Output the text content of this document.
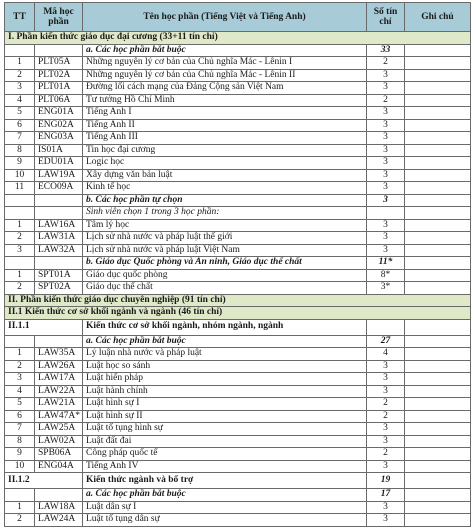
TT	Mã học phần	Tên học phần (Tiếng Việt và Tiếng Anh)	Số tín chỉ	Ghi chú
I. Phần kiến thức giáo dục đại cương (33+11 tín chỉ)				
		a. Các học phần bắt buộc	33	
1	PLT05A	Những nguyên lý cơ bản của Chủ nghĩa Mác - Lênin I	2	
2	PLT02A	Những nguyên lý cơ bản của Chủ nghĩa Mác - Lênin II	3	
3	PLT01A	Đường lối cách mạng của Đảng Cộng sản Việt Nam	3	
4	PLT06A	Tư tưởng Hồ Chí Minh	2	
5	ENG01A	Tiếng Anh I	3	
6	ENG02A	Tiếng Anh II	3	
7	ENG03A	Tiếng Anh III	3	
8	IS01A	Tin học đại cương	3	
9	EDU01A	Logic học	3	
10	LAW19A	Xây dựng văn bản luật	3	
11	ECO09A	Kinh tế học	3	
		b. Các học phần tự chọn	3	
		Sinh viên chọn 1 trong 3 học phần:		
1	LAW16A	Tâm lý học	3	
2	LAW31A	Lịch sử nhà nước và pháp luật thế giới	3	
3	LAW32A	Lịch sử nhà nước và pháp luật Việt Nam	3	
		b. Giáo dục Quốc phòng và An ninh, Giáo dục thể chất	11*	
1	SPT01A	Giáo dục quốc phòng	8*	
2	SPT02A	Giáo dục thể chất	3*	
II. Phần kiến thức giáo dục chuyên nghiệp (91 tín chỉ)				
II.1 Kiến thức cơ sở khối ngành và ngành (46 tín chỉ)				
II.1.1		Kiến thức cơ sở khối ngành, nhóm ngành, ngành		
		a. Các học phần bắt buộc	27	
1	LAW35A	Lý luận nhà nước và pháp luật	4	
2	LAW26A	Luật học so sánh	3	
3	LAW17A	Luật hiến pháp	3	
4	LAW22A	Luật hành chính	3	
5	LAW21A	Luật hình sự I	2	
6	LAW47A*	Luật hình sự II	2	
7	LAW25A	Luật tố tụng hình sự	3	
8	LAW02A	Luật đất đai	3	
9	SPB06A	Công pháp quốc tế	2	
10	ENG04A	Tiếng Anh IV	3	
II.1.2		Kiến thức ngành và bổ trợ	19	
		a. Các học phần bắt buộc	17	
1	LAW18A	Luật dân sự I	3	
2	LAW24A	Luật tố tụng dân sự	3	
